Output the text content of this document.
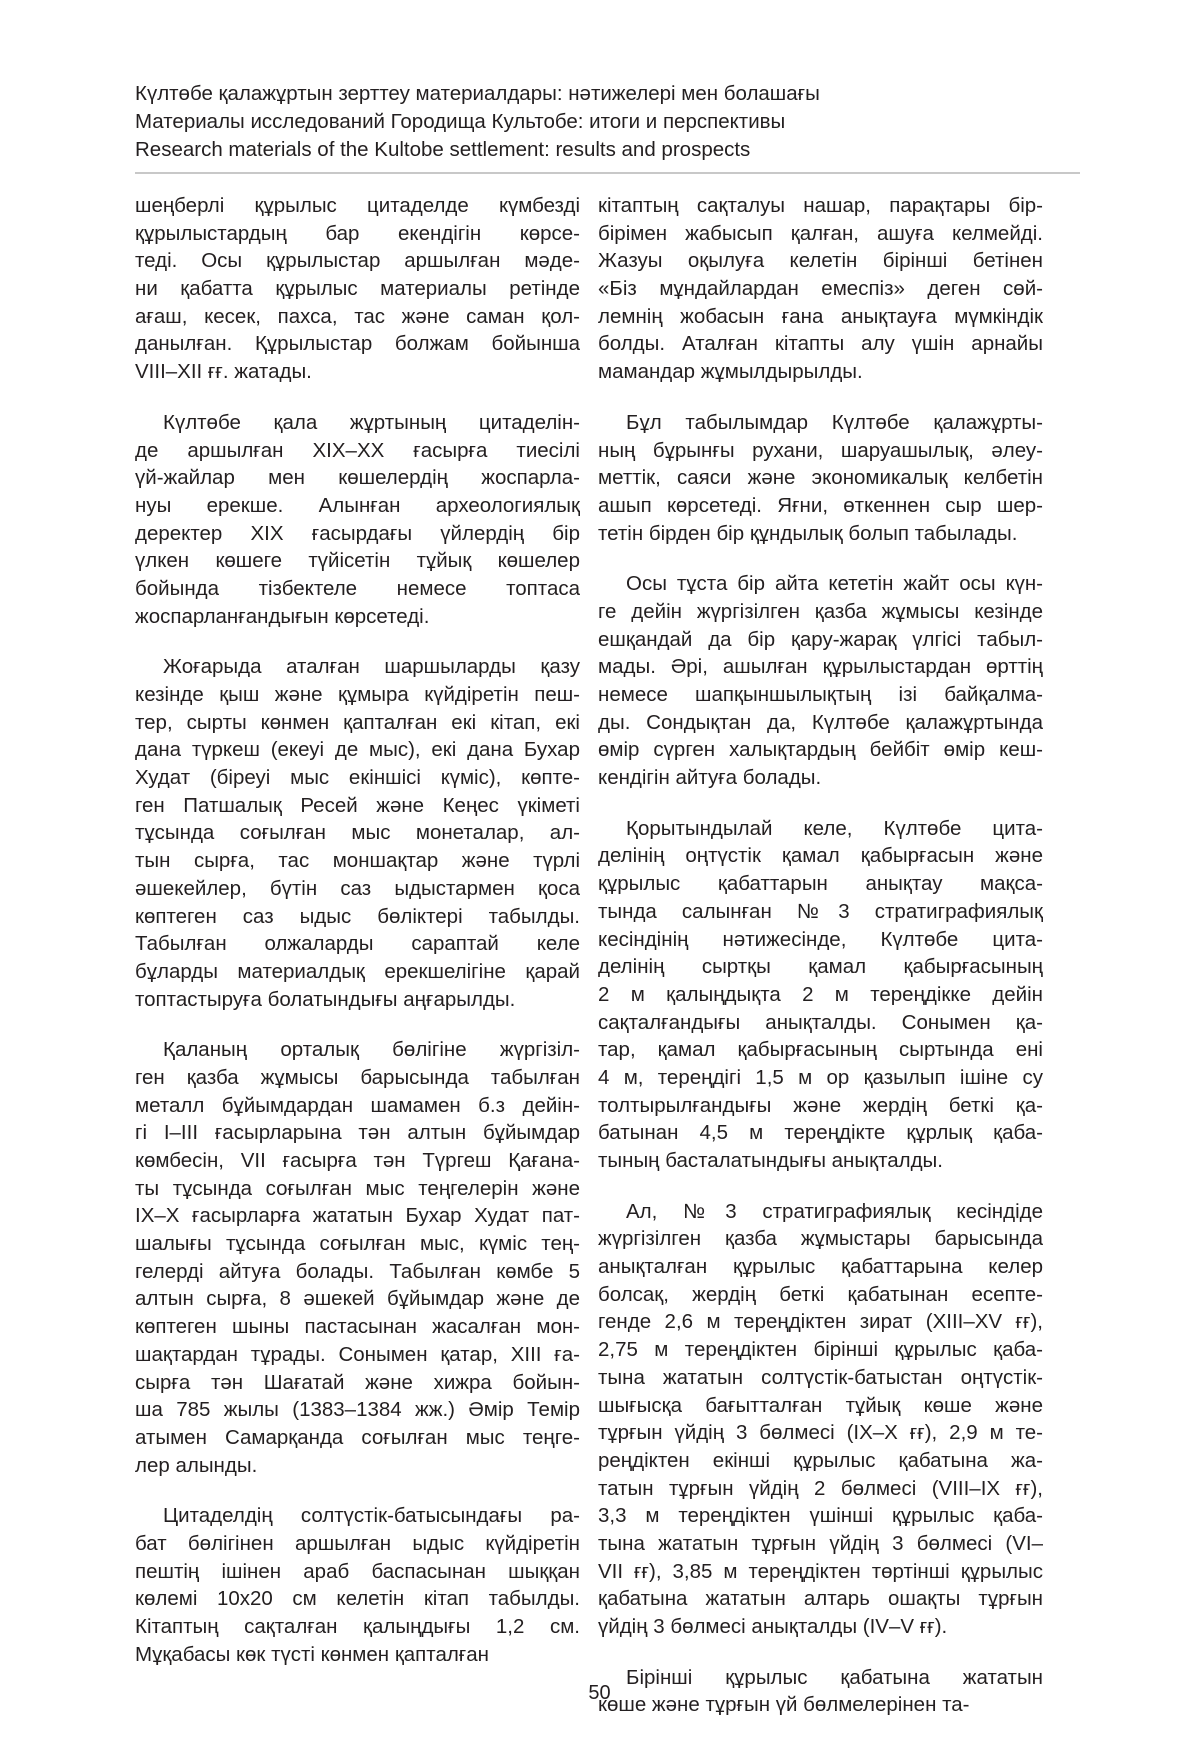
Күлтөбе қалажұртын зерттеу материалдары: нәтижелері мен болашағы
Материалы исследований Городища Культобе: итоги и перспективы
Research materials of the Kultobe settlement: results and prospects
шеңберлі құрылыс цитаделде күмбезді
құрылыстардың бар екендігін көрсе-
теді. Осы құрылыстар аршылған мәде-
ни қабатта құрылыс материалы ретінде
ағаш, кесек, пахса, тас және саман қол-
данылған. Құрылыстар болжам бойынша
VIII–XII ғғ. жатады.
Күлтөбе қала жұртының цитаделін-
де аршылған XIX–XX ғасырға тиесілі
үй-жайлар мен көшелердің жоспарла-
нуы ерекше. Алынған археологиялық
деректер XIX ғасырдағы үйлердің бір
үлкен көшеге түйісетін тұйық көшелер
бойында тізбектеле немесе топтаса
жоспарланғандығын көрсетеді.
Жоғарыда аталған шаршыларды қазу
кезінде қыш және құмыра күйдіретін пеш-
тер, сырты көнмен қапталған екі кітап, екі
дана түркеш (екеуі де мыс), екі дана Бухар
Худат (біреуі мыс екіншісі күміс), көпте-
ген Патшалық Ресей және Кеңес үкіметі
тұсында соғылған мыс монеталар, ал-
тын сырға, тас моншақтар және түрлі
әшекейлер, бүтін саз ыдыстармен қоса
көптеген саз ыдыс бөліктері табылды.
Табылған олжаларды сараптай келе
бұларды материалдық ерекшелігіне қарай
топтастыруға болатындығы аңғарылды.
Қаланың орталық бөлігіне жүргізіл-
ген қазба жұмысы барысында табылған
металл бұйымдардан шамамен б.з дейін-
гі I–III ғасырларына тән алтын бұйымдар
көмбесін, VII ғасырға тән Түргеш Қағана-
ты тұсында соғылған мыс теңгелерін және
IX–X ғасырларға жататын Бухар Худат пат-
шалығы тұсында соғылған мыс, күміс тең-
гелерді айтуға болады. Табылған көмбе 5
алтын сырға, 8 әшекей бұйымдар және де
көптеген шыны пастасынан жасалған мон-
шақтардан тұрады. Сонымен қатар, XIII ға-
сырға тән Шағатай және хижра бойын-
ша 785 жылы (1383–1384 жж.) Әмір Темір
атымен Самарқанда соғылған мыс теңге-
лер алынды.
Цитаделдің солтүстік-батысындағы ра-
бат бөлігінен аршылған ыдыс күйдіретін
пештің ішінен араб баспасынан шыққан
көлемі 10х20 см келетін кітап табылды.
Кітаптың сақталған қалыңдығы 1,2 см.
Мұқабасы көк түсті көнмен қапталған
кітаптың сақталуы нашар, парақтары бір-
бірімен жабысып қалған, ашуға келмейді.
Жазуы оқылуға келетін бірінші бетінен
«Біз мұндайлардан емеспіз» деген сөй-
лемнің жобасын ғана анықтауға мүмкіндік
болды. Аталған кітапты алу үшін арнайы
мамандар жұмылдырылды.
Бұл табылымдар Күлтөбе қалажұрты-
ның бұрынғы рухани, шаруашылық, әлеу-
меттік, саяси және экономикалық келбетін
ашып көрсетеді. Яғни, өткеннен сыр шер-
тетін бірден бір құндылық болып табылады.
Осы тұста бір айта кететін жайт осы күн-
ге дейін жүргізілген қазба жұмысы кезінде
ешқандай да бір қару-жарақ үлгісі табыл-
мады. Әрі, ашылған құрылыстардан өрттің
немесе шапқыншылықтың ізі байқалма-
ды. Сондықтан да, Күлтөбе қалажұртында
өмір сүрген халықтардың бейбіт өмір кеш-
кендігін айтуға болады.
Қорытындылай келе, Күлтөбе цита-
делінің оңтүстік қамал қабырғасын және
құрылыс қабаттарын анықтау мақса-
тында салынған №3 стратиграфиялық
кесіндінің нәтижесінде, Күлтөбе цита-
делінің сыртқы қамал қабырғасының
2 м қалыңдықта 2 м тереңдікке дейін
сақталғандығы анықталды. Сонымен қа-
тар, қамал қабырғасының сыртында ені
4 м, тереңдігі 1,5 м ор қазылып ішіне су
толтырылғандығы және жердің беткі қа-
батынан 4,5 м тереңдікте құрлық қаба-
тының басталатындығы анықталды.
Ал, №3 стратиграфиялық кесіндіде
жүргізілген қазба жұмыстары барысында
анықталған құрылыс қабаттарына келер
болсақ, жердің беткі қабатынан есепте-
генде 2,6 м тереңдіктен зират (XIII–XV ғғ),
2,75 м тереңдіктен бірінші құрылыс қаба-
тына жататын солтүстік-батыстан оңтүстік-
шығысқа бағытталған тұйық көше және
тұрғын үйдің 3 бөлмесі (IX–X ғғ), 2,9 м те-
реңдіктен екінші құрылыс қабатына жа-
татын тұрғын үйдің 2 бөлмесі (VIII–IX ғғ),
3,3 м тереңдіктен үшінші құрылыс қаба-
тына жататын тұрғын үйдің 3 бөлмесі (VI–
VII ғғ), 3,85 м тереңдіктен төртінші құрылыс
қабатына жататын алтарь ошақты тұрғын
үйдің 3 бөлмесі анықталды (IV–V ғғ).
Бірінші құрылыс қабатына жататын
көше және тұрғын үй бөлмелерінен та-
50
